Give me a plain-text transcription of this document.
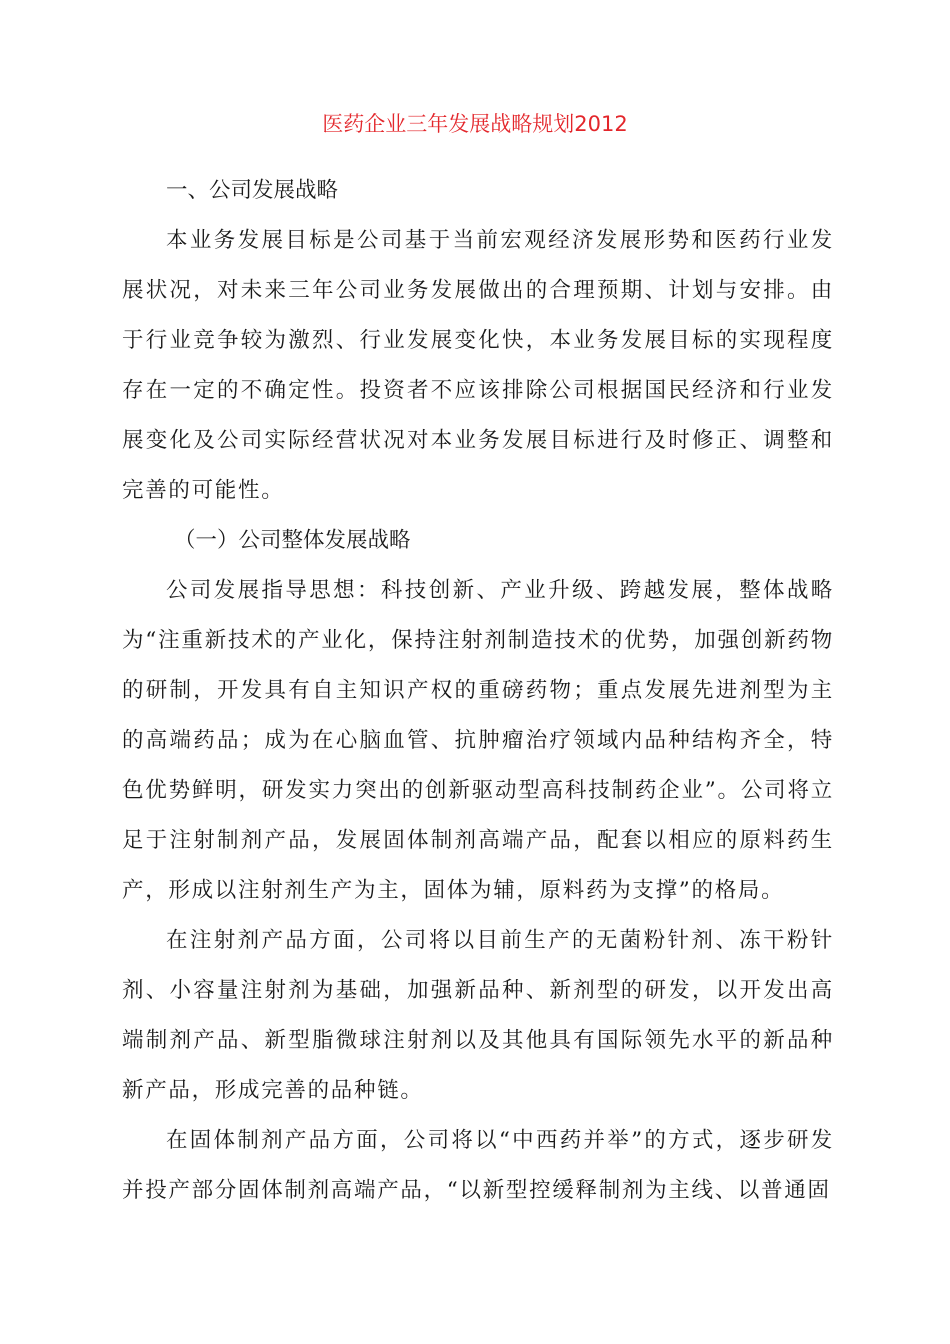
医药企业三年发展战略规划2012

一、公司发展战略

本业务发展目标是公司基于当前宏观经济发展形势和医药行业发展状况，对未来三年公司业务发展做出的合理预期、计划与安排。由于行业竞争较为激烈、行业发展变化快，本业务发展目标的实现程度存在一定的不确定性。投资者不应该排除公司根据国民经济和行业发展变化及公司实际经营状况对本业务发展目标进行及时修正、调整和完善的可能性。

（一）公司整体发展战略

公司发展指导思想：科技创新、产业升级、跨越发展，整体战略为“注重新技术的产业化，保持注射剂制造技术的优势，加强创新药物的研制，开发具有自主知识产权的重磅药物；重点发展先进剂型为主的高端药品；成为在心脑血管、抗肿瘤治疗领域内品种结构齐全，特色优势鲜明，研发实力突出的创新驱动型高科技制药企业”。公司将立足于注射制剂产品，发展固体制剂高端产品，配套以相应的原料药生产，形成以注射剂生产为主，固体为辅，原料药为支撑”的格局。

在注射剂产品方面，公司将以目前生产的无菌粉针剂、冻干粉针剂、小容量注射剂为基础，加强新品种、新剂型的研发，以开发出高端制剂产品、新型脂微球注射剂以及其他具有国际领先水平的新品种新产品，形成完善的品种链。

在固体制剂产品方面，公司将以“中西药并举”的方式，逐步研发并投产部分固体制剂高端产品，“以新型控缓释制剂为主线、以普通固
